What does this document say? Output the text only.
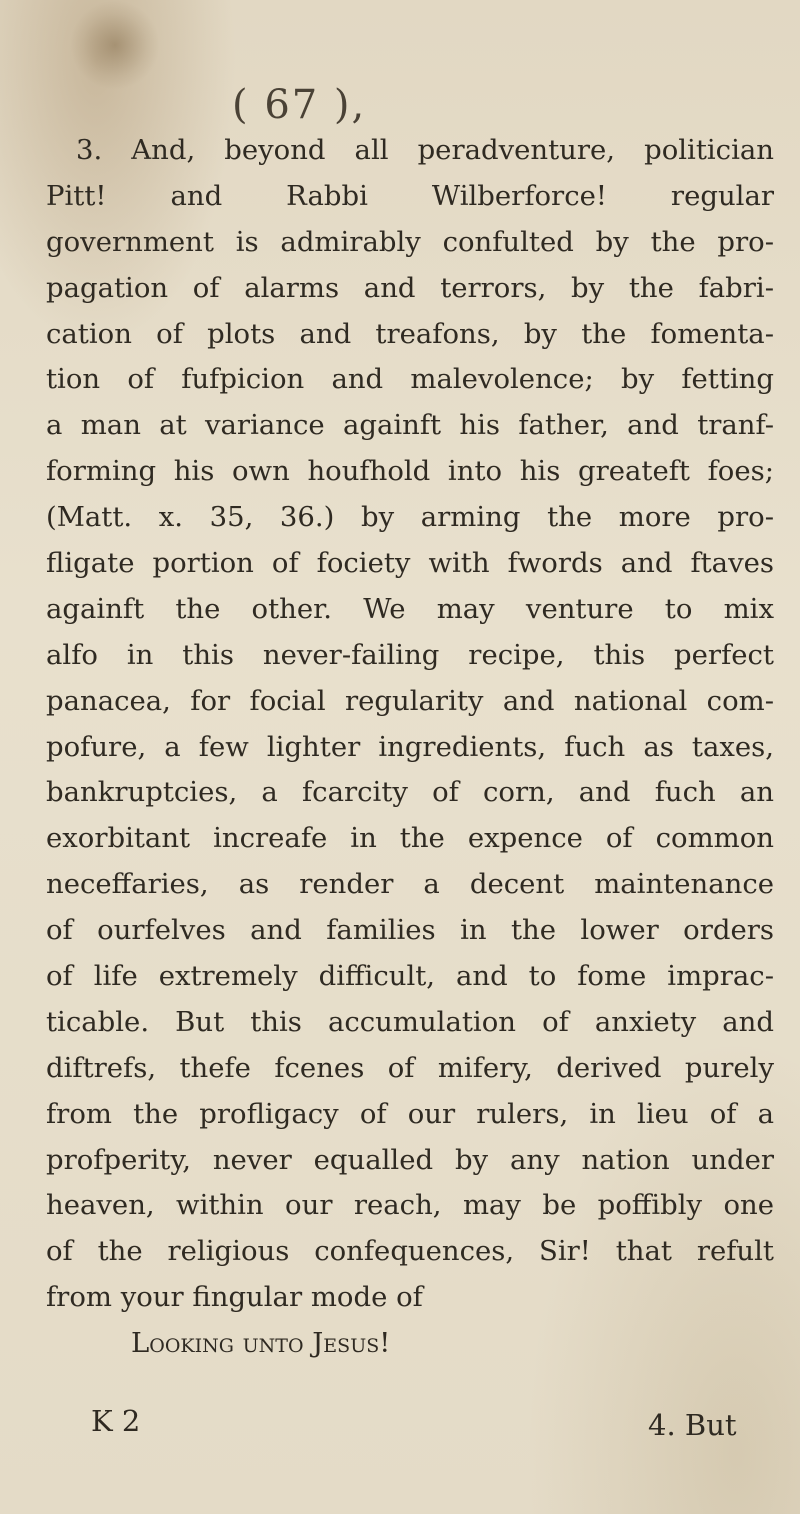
( 67 ),
3. And, beyond all peradventure, politician
Pitt! and Rabbi Wilberforce! regular
government is admirably confulted by the pro-
pagation of alarms and terrors, by the fabri-
cation of plots and treafons, by the fomenta-
tion of fufpicion and malevolence; by fetting
a man at variance againft his father, and tranf-
forming his own houfhold into his greateft foes;
(Matt. x. 35, 36.) by arming the more pro-
fligate portion of fociety with fwords and ftaves
againft the other. We may venture to mix
alfo in this never-failing recipe, this perfect
panacea, for focial regularity and national com-
pofure, a few lighter ingredients, fuch as taxes,
bankruptcies, a fcarcity of corn, and fuch an
exorbitant increafe in the expence of common
neceffaries, as render a decent maintenance
of ourfelves and families in the lower orders
of life extremely difficult, and to fome imprac-
ticable. But this accumulation of anxiety and
diftrefs, thefe fcenes of mifery, derived purely
from the profligacy of our rulers, in lieu of a
profperity, never equalled by any nation under
heaven, within our reach, may be poffibly one
of the religious confequences, Sir! that refult
from your fingular mode of
Looking unto Jesus!
K 2	4. But
